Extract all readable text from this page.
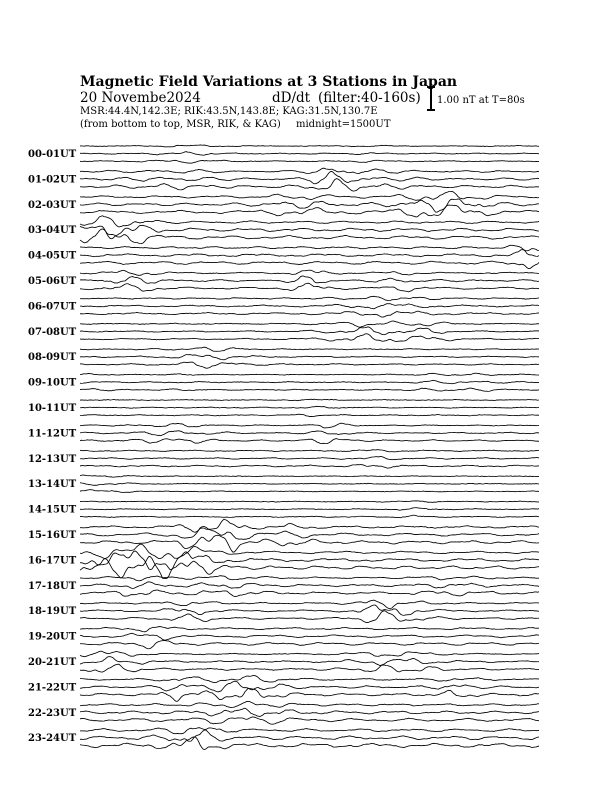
Magnetic Field Variations at 3 Stations in Japan
20 Novembe2024	dD/dt (filter:40-160s)
MSR:44.4N,142.3E; RIK:43.5N,143.8E; KAG:31.5N,130.7E
(from bottom to top, MSR, RIK, & KAG) midnight=1500UT
1.00 nT at T=80s
00-01UT
01-02UT
02-03UT
03-04UT
04-05UT
05-06UT
06-07UT
07-08UT
08-09UT
09-10UT
10-11UT
11-12UT
12-13UT
13-14UT
14-15UT
15-16UT
16-17UT
17-18UT
18-19UT
19-20UT
20-21UT
21-22UT
22-23UT
23-24UT
